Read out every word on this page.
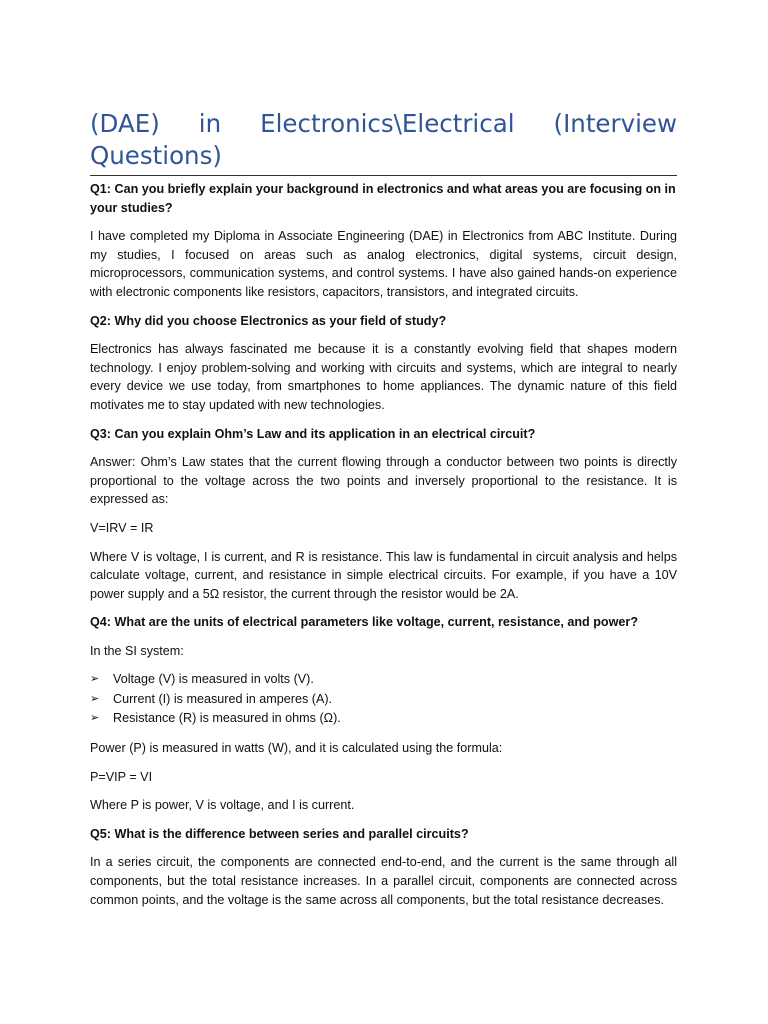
(DAE) in Electronics\Electrical (Interview Questions)

Q1: Can you briefly explain your background in electronics and what areas you are focusing on in your studies?

I have completed my Diploma in Associate Engineering (DAE) in Electronics from ABC Institute. During my studies, I focused on areas such as analog electronics, digital systems, circuit design, microprocessors, communication systems, and control systems. I have also gained hands-on experience with electronic components like resistors, capacitors, transistors, and integrated circuits.

Q2: Why did you choose Electronics as your field of study?

Electronics has always fascinated me because it is a constantly evolving field that shapes modern technology. I enjoy problem-solving and working with circuits and systems, which are integral to nearly every device we use today, from smartphones to home appliances. The dynamic nature of this field motivates me to stay updated with new technologies.

Q3: Can you explain Ohm’s Law and its application in an electrical circuit?

Answer: Ohm’s Law states that the current flowing through a conductor between two points is directly proportional to the voltage across the two points and inversely proportional to the resistance. It is expressed as:

V=IRV = IR

Where V is voltage, I is current, and R is resistance. This law is fundamental in circuit analysis and helps calculate voltage, current, and resistance in simple electrical circuits. For example, if you have a 10V power supply and a 5Ω resistor, the current through the resistor would be 2A.

Q4: What are the units of electrical parameters like voltage, current, resistance, and power?

In the SI system:

➢ Voltage (V) is measured in volts (V).
➢ Current (I) is measured in amperes (A).
➢ Resistance (R) is measured in ohms (Ω).

Power (P) is measured in watts (W), and it is calculated using the formula:

P=VIP = VI

Where P is power, V is voltage, and I is current.

Q5: What is the difference between series and parallel circuits?

In a series circuit, the components are connected end-to-end, and the current is the same through all components, but the total resistance increases. In a parallel circuit, components are connected across common points, and the voltage is the same across all components, but the total resistance decreases.
